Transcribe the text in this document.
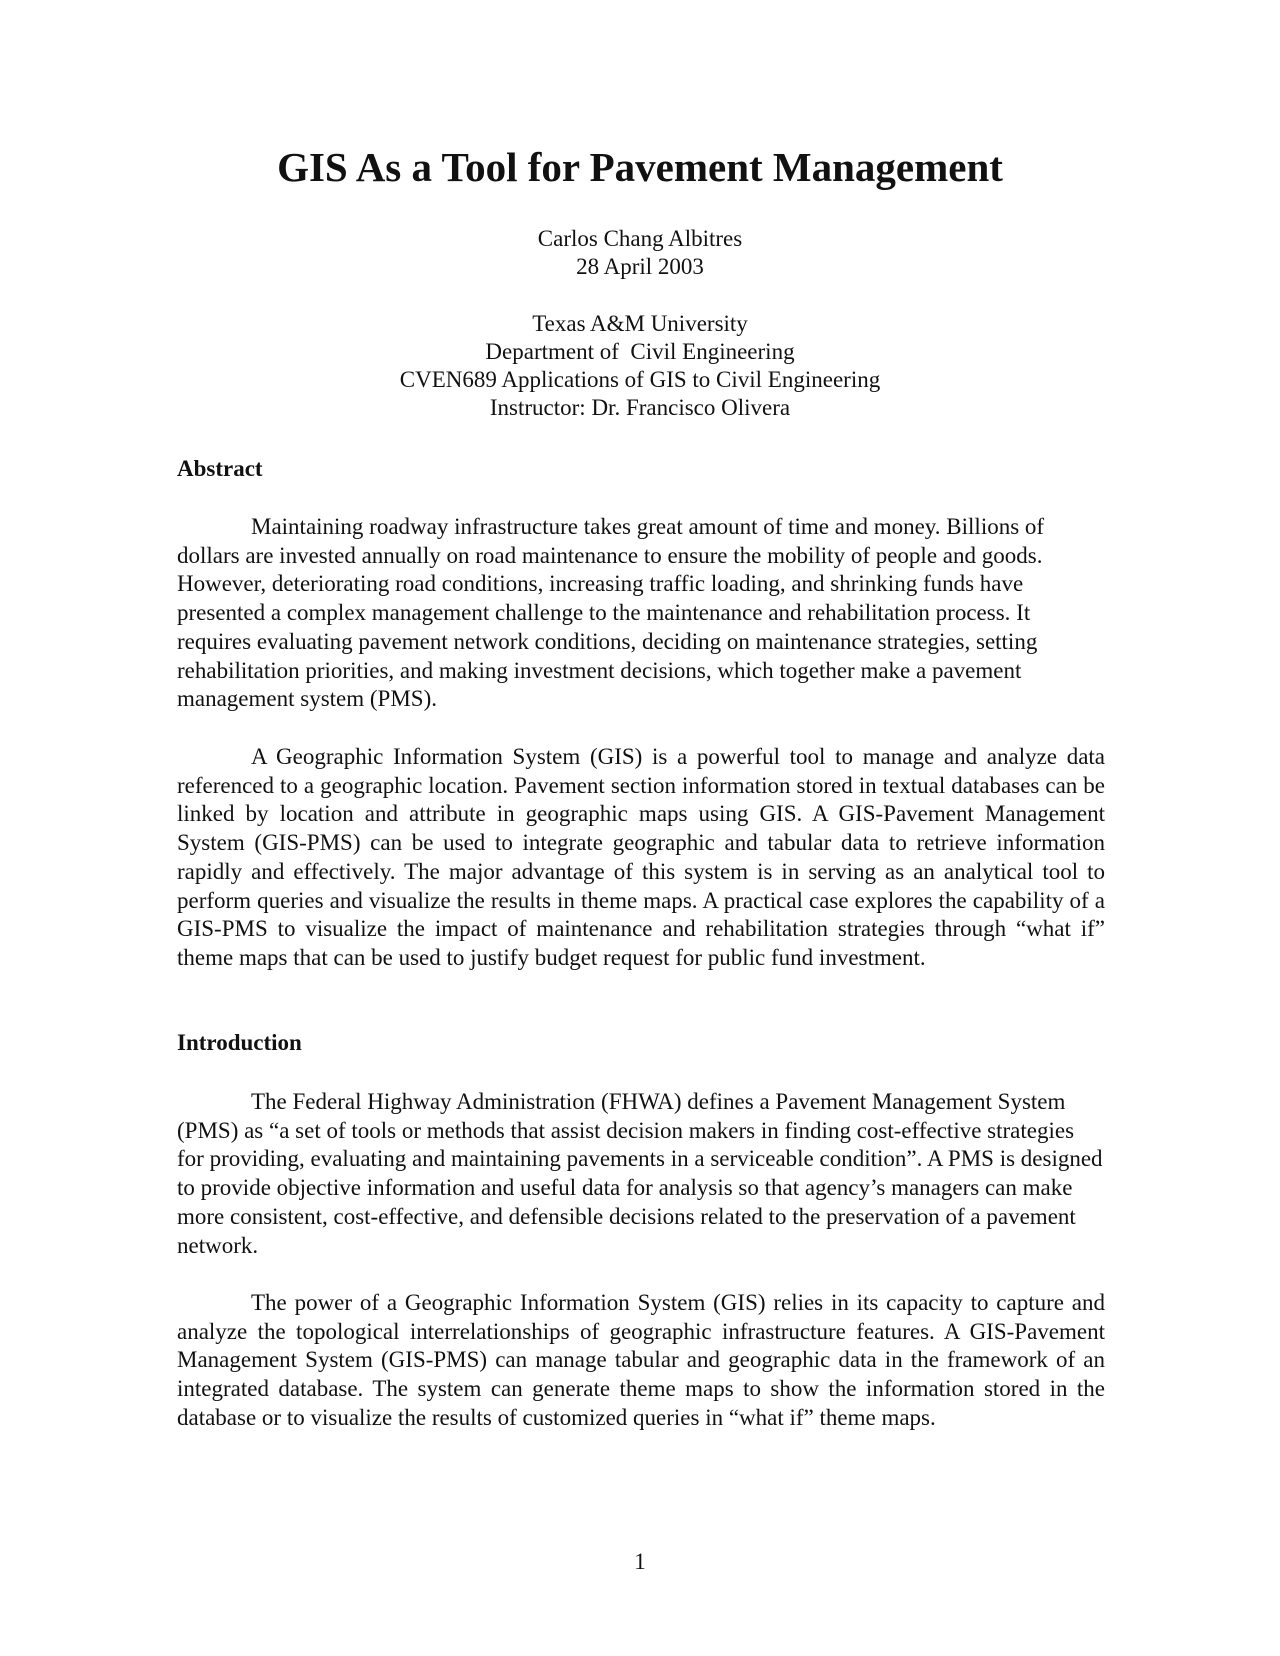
GIS As a Tool for Pavement Management
Carlos Chang Albitres
28 April 2003
Texas A&M University
Department of  Civil Engineering
CVEN689 Applications of GIS to Civil Engineering
Instructor: Dr. Francisco Olivera
Abstract

Maintaining roadway infrastructure takes great amount of time and money. Billions of dollars are invested annually on road maintenance to ensure the mobility of people and goods. However, deteriorating road conditions, increasing traffic loading, and shrinking funds have presented a complex management challenge to the maintenance and rehabilitation process. It requires evaluating pavement network conditions, deciding on maintenance strategies, setting rehabilitation priorities, and making investment decisions, which together make a pavement management system (PMS).

A Geographic Information System (GIS) is a powerful tool to manage and analyze data referenced to a geographic location. Pavement section information stored in textual databases can be linked by location and attribute in geographic maps using GIS. A GIS-Pavement Management System (GIS-PMS) can be used to integrate geographic and tabular data to retrieve information rapidly and effectively. The major advantage of this system is in serving as an analytical tool to perform queries and visualize the results in theme maps. A practical case explores the capability of a GIS-PMS to visualize the impact of maintenance and rehabilitation strategies through “what if” theme maps that can be used to justify budget request for public fund investment.

Introduction

The Federal Highway Administration (FHWA) defines a Pavement Management System (PMS) as “a set of tools or methods that assist decision makers in finding cost-effective strategies for providing, evaluating and maintaining pavements in a serviceable condition”. A PMS is designed to provide objective information and useful data for analysis so that agency’s managers can make more consistent, cost-effective, and defensible decisions related to the preservation of a pavement network.

The power of a Geographic Information System (GIS) relies in its capacity to capture and analyze the topological interrelationships of geographic infrastructure features. A GIS-Pavement Management System (GIS-PMS) can manage tabular and geographic data in the framework of an integrated database. The system can generate theme maps to show the information stored in the database or to visualize the results of customized queries in “what if” theme maps.

1
